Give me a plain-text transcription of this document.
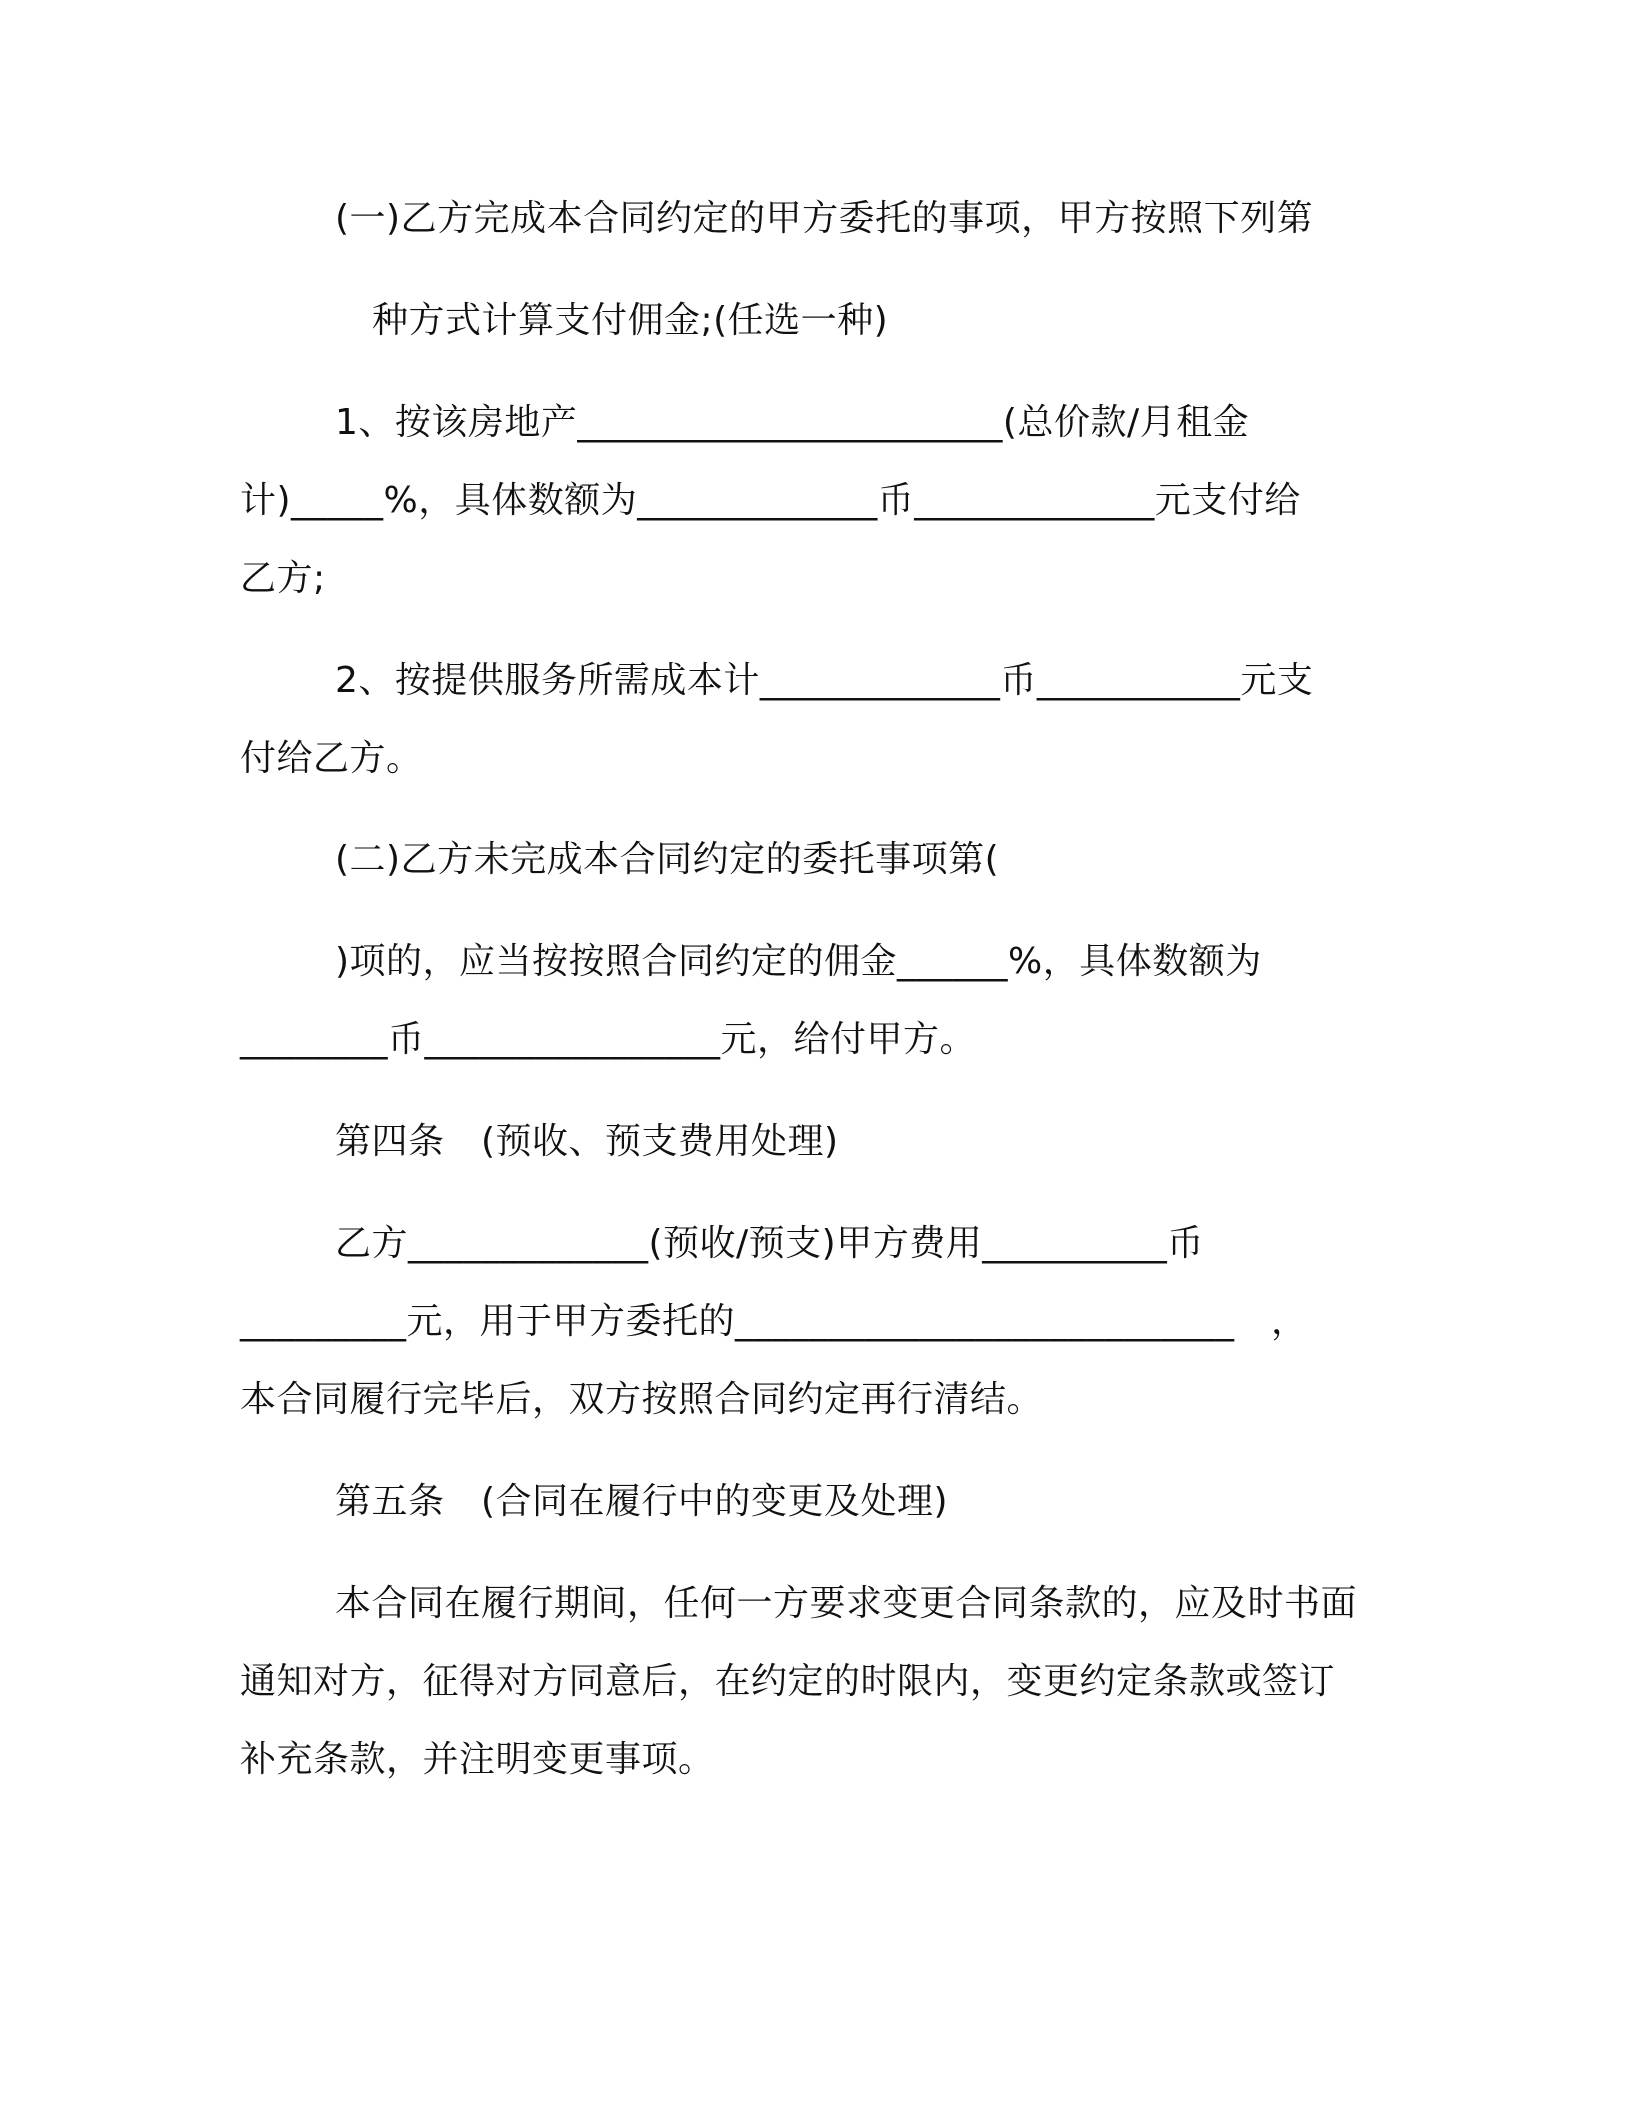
(一)乙方完成本合同约定的甲方委托的事项，甲方按照下列第
种方式计算支付佣金;(任选一种)
1、按该房地产_______________________(总价款/月租金
计)_____%，具体数额为_____________币_____________元支付给
乙方;
2、按提供服务所需成本计_____________币___________元支
付给乙方。
(二)乙方未完成本合同约定的委托事项第(
)项的，应当按按照合同约定的佣金______%，具体数额为
________币________________元，给付甲方。
第四条　(预收、预支费用处理)
乙方_____________(预收/预支)甲方费用__________币
_________元，用于甲方委托的___________________________　，
本合同履行完毕后，双方按照合同约定再行清结。
第五条　(合同在履行中的变更及处理)
本合同在履行期间，任何一方要求变更合同条款的，应及时书面
通知对方，征得对方同意后，在约定的时限内，变更约定条款或签订
补充条款，并注明变更事项。
